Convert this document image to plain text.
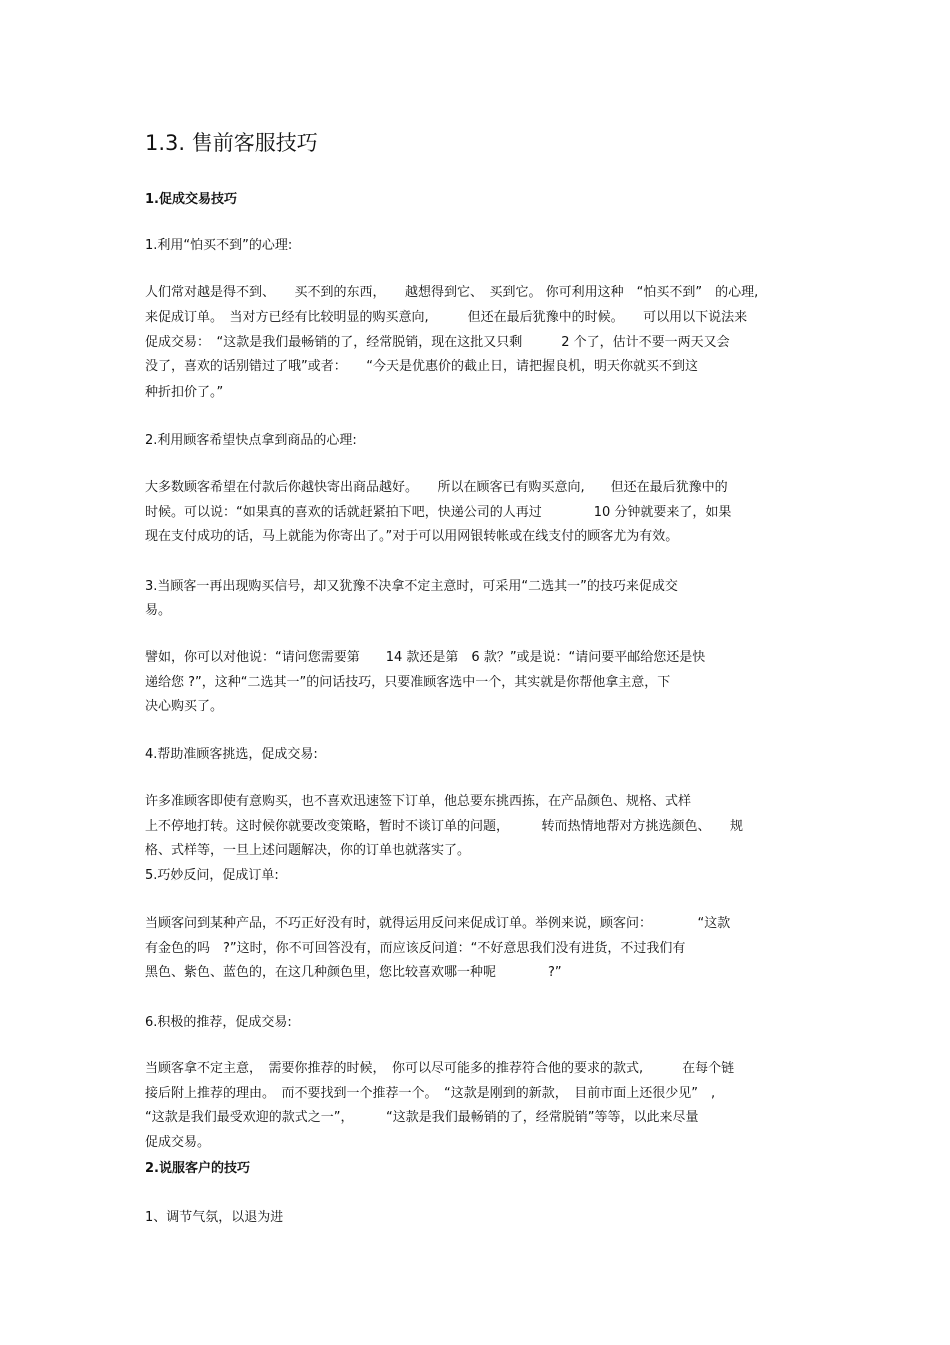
1.3. 售前客服技巧
1.促成交易技巧
1.利用“怕买不到”的心理:
人们常对越是得不到、　　买不到的东西，　　越想得到它、　买到它。 你可利用这种　“怕买不到”　的心理,
来促成订单。　当对方已经有比较明显的购买意向,　　　但还在最后犹豫中的时候。　　可以用以下说法来
促成交易：　“这款是我们最畅销的了，经常脱销，现在这批又只剩　　　2 个了，估计不要一两天又会
没了，喜欢的话别错过了哦”或者：　　“今天是优惠价的截止日，请把握良机，明天你就买不到这
种折扣价了。”
2.利用顾客希望快点拿到商品的心理:
大多数顾客希望在付款后你越快寄出商品越好。　　所以在顾客已有购买意向,　　但还在最后犹豫中的
时候。可以说：“如果真的喜欢的话就赶紧拍下吧，快递公司的人再过　　　　10 分钟就要来了，如果
现在支付成功的话，马上就能为你寄出了。”对于可以用网银转帐或在线支付的顾客尤为有效。
3.当顾客一再出现购买信号，却又犹豫不决拿不定主意时，可采用“二选其一”的技巧来促成交
易。
譬如，你可以对他说：“请问您需要第　　14 款还是第　6 款？”或是说：“请问要平邮给您还是快
递给您 ?”，这种“二选其一”的问话技巧，只要准顾客选中一个，其实就是你帮他拿主意，下
决心购买了。
4.帮助准顾客挑选，促成交易:
许多准顾客即使有意购买，也不喜欢迅速签下订单，他总要东挑西拣，在产品颜色、规格、式样
上不停地打转。这时候你就要改变策略，暂时不谈订单的问题，　　　转而热情地帮对方挑选颜色、　　规
格、式样等，一旦上述问题解决，你的订单也就落实了。
5.巧妙反问，促成订单:
当顾客问到某种产品，不巧正好没有时，就得运用反问来促成订单。举例来说，顾客问：　　　　“这款
有金色的吗　?”这时，你不可回答没有，而应该反问道：“不好意思我们没有进货，不过我们有
黑色、紫色、蓝色的，在这几种颜色里，您比较喜欢哪一种呢　　　　?”
6.积极的推荐，促成交易:
当顾客拿不定主意，　需要你推荐的时候，　你可以尽可能多的推荐符合他的要求的款式,　　　在每个链
接后附上推荐的理由。　而不要找到一个推荐一个。　“这款是刚到的新款，　目前市面上还很少见”　,
“这款是我们最受欢迎的款式之一”，　　　“这款是我们最畅销的了，经常脱销”等等，以此来尽量
促成交易。
2.说服客户的技巧
1、调节气氛，以退为进
